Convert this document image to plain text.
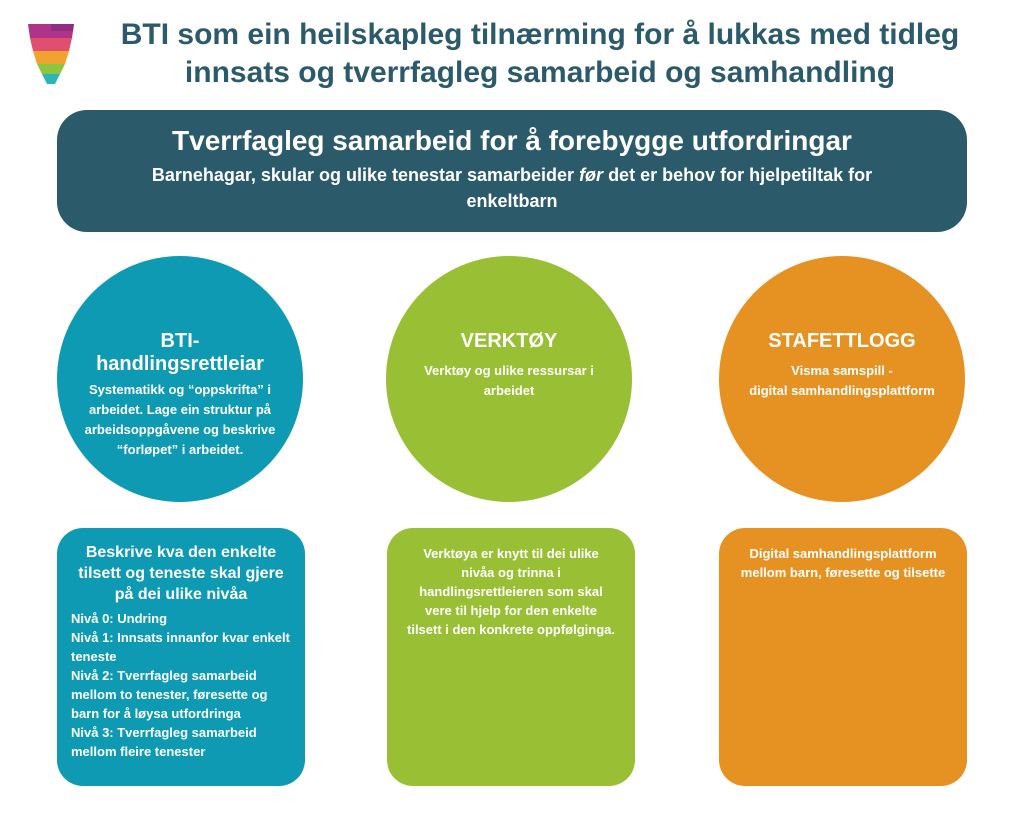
BTI som ein heilskapleg tilnærming for å lukkas med tidleg
innsats og tverrfagleg samarbeid og samhandling
Tverrfagleg samarbeid for å forebygge utfordringar
Barnehagar, skular og ulike tenestar samarbeider før det er behov for hjelpetiltak for enkeltbarn
BTI-handlingsrettleiar
Systematikk og “oppskrifta” i arbeidet. Lage ein struktur på arbeidsoppgåvene og beskrive “forløpet” i arbeidet.
VERKTØY
Verktøy og ulike ressursar i arbeidet
STAFETTLOGG
Visma samspill -
digital samhandlingsplattform
Beskrive kva den enkelte tilsett og teneste skal gjere på dei ulike nivåa
Nivå 0: Undring
Nivå 1: Innsats innanfor kvar enkelt teneste
Nivå 2: Tverrfagleg samarbeid mellom to tenester, føresette og barn for å løysa utfordringa
Nivå 3: Tverrfagleg samarbeid mellom fleire tenester
Verktøya er knytt til dei ulike nivåa og trinna i handlingsrettleieren som skal vere til hjelp for den enkelte tilsett i den konkrete oppfølginga.
Digital samhandlingsplattform mellom barn, føresette og tilsette
